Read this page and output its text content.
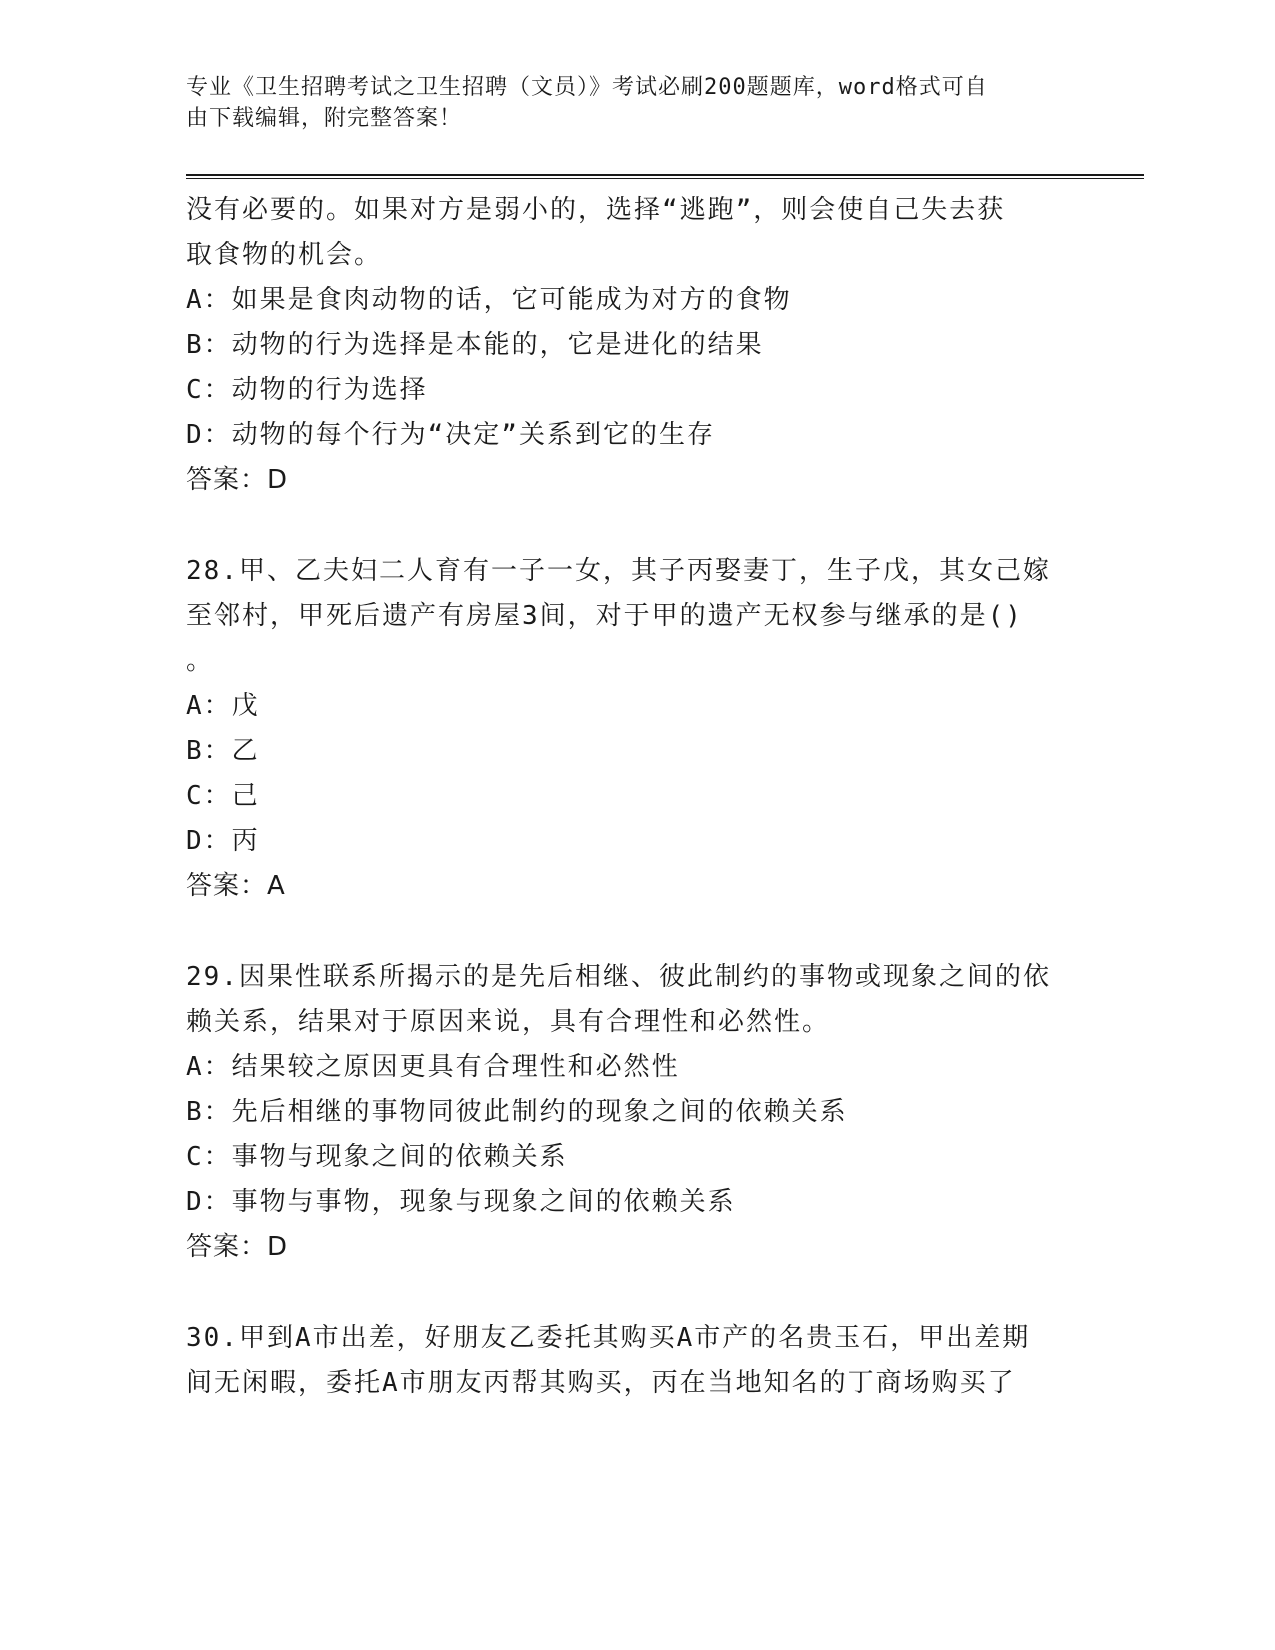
专业《卫生招聘考试之卫生招聘（文员）》考试必刷200题题库，word格式可自
由下载编辑，附完整答案！
没有必要的。如果对方是弱小的，选择“逃跑”，则会使自己失去获
取食物的机会。
A：如果是食肉动物的话，它可能成为对方的食物
B：动物的行为选择是本能的，它是进化的结果
C：动物的行为选择
D：动物的每个行为“决定”关系到它的生存
答案：D
28.甲、乙夫妇二人育有一子一女，其子丙娶妻丁，生子戊，其女己嫁
至邻村，甲死后遗产有房屋3间，对于甲的遗产无权参与继承的是()
。
A：戊
B：乙
C：己
D：丙
答案：A
29.因果性联系所揭示的是先后相继、彼此制约的事物或现象之间的依
赖关系，结果对于原因来说，具有合理性和必然性。
A：结果较之原因更具有合理性和必然性
B：先后相继的事物同彼此制约的现象之间的依赖关系
C：事物与现象之间的依赖关系
D：事物与事物，现象与现象之间的依赖关系
答案：D
30.甲到A市出差，好朋友乙委托其购买A市产的名贵玉石，甲出差期
间无闲暇，委托A市朋友丙帮其购买，丙在当地知名的丁商场购买了
